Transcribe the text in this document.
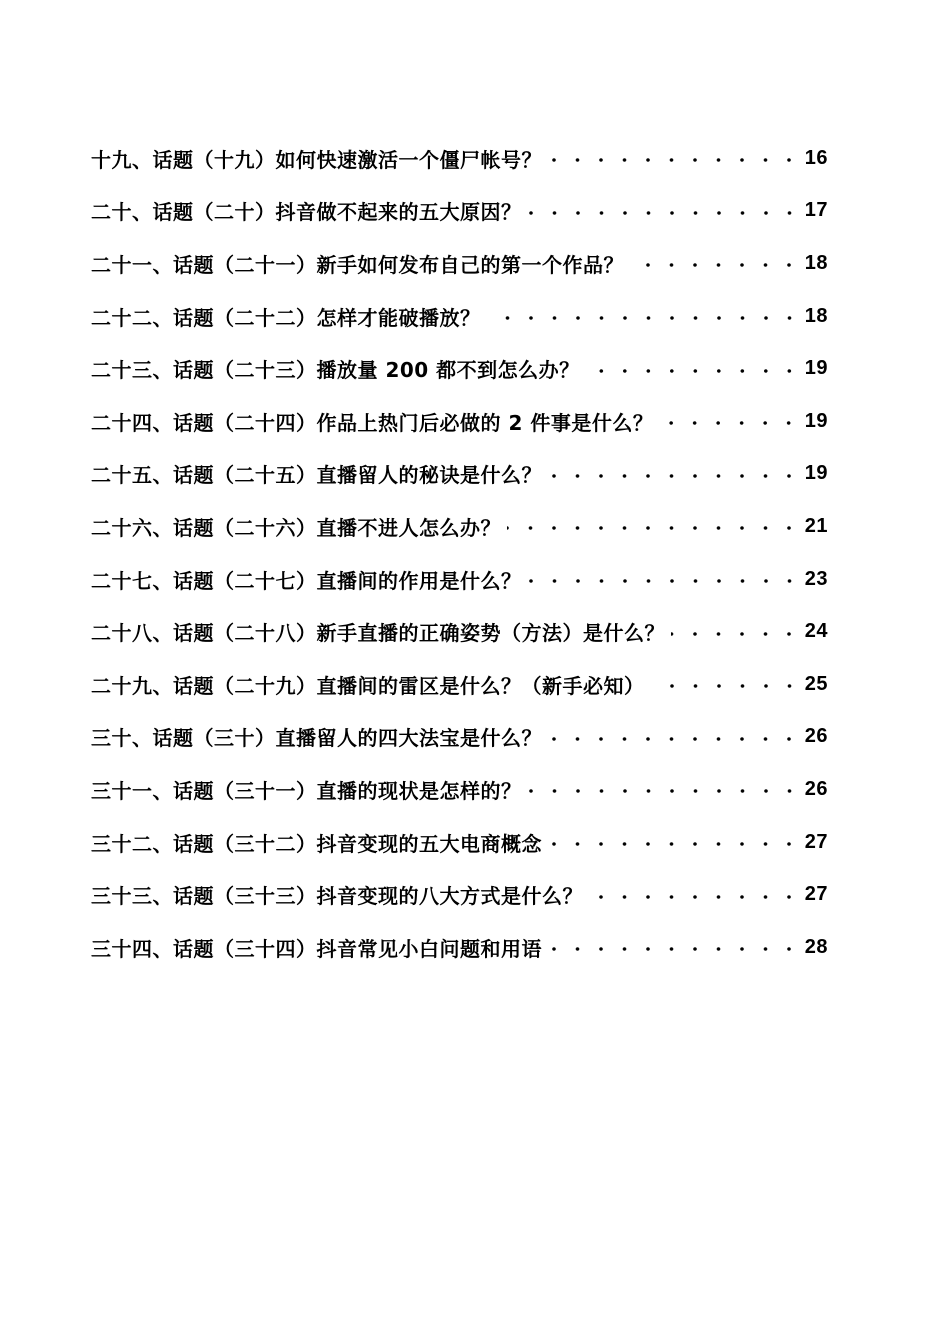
十九、话题（十九）如何快速激活一个僵尸帐号？	16
二十、话题（二十）抖音做不起来的五大原因？	17
二十一、话题（二十一）新手如何发布自己的第一个作品？	18
二十二、话题（二十二）怎样才能破播放？	18
二十三、话题（二十三）播放量 200 都不到怎么办？	19
二十四、话题（二十四）作品上热门后必做的 2 件事是什么？	19
二十五、话题（二十五）直播留人的秘诀是什么？	19
二十六、话题（二十六）直播不进人怎么办？	21
二十七、话题（二十七）直播间的作用是什么？	23
二十八、话题（二十八）新手直播的正确姿势（方法）是什么？	24
二十九、话题（二十九）直播间的雷区是什么？（新手必知）	25
三十、话题（三十）直播留人的四大法宝是什么？	26
三十一、话题（三十一）直播的现状是怎样的？	26
三十二、话题（三十二）抖音变现的五大电商概念	27
三十三、话题（三十三）抖音变现的八大方式是什么？	27
三十四、话题（三十四）抖音常见小白问题和用语	28
